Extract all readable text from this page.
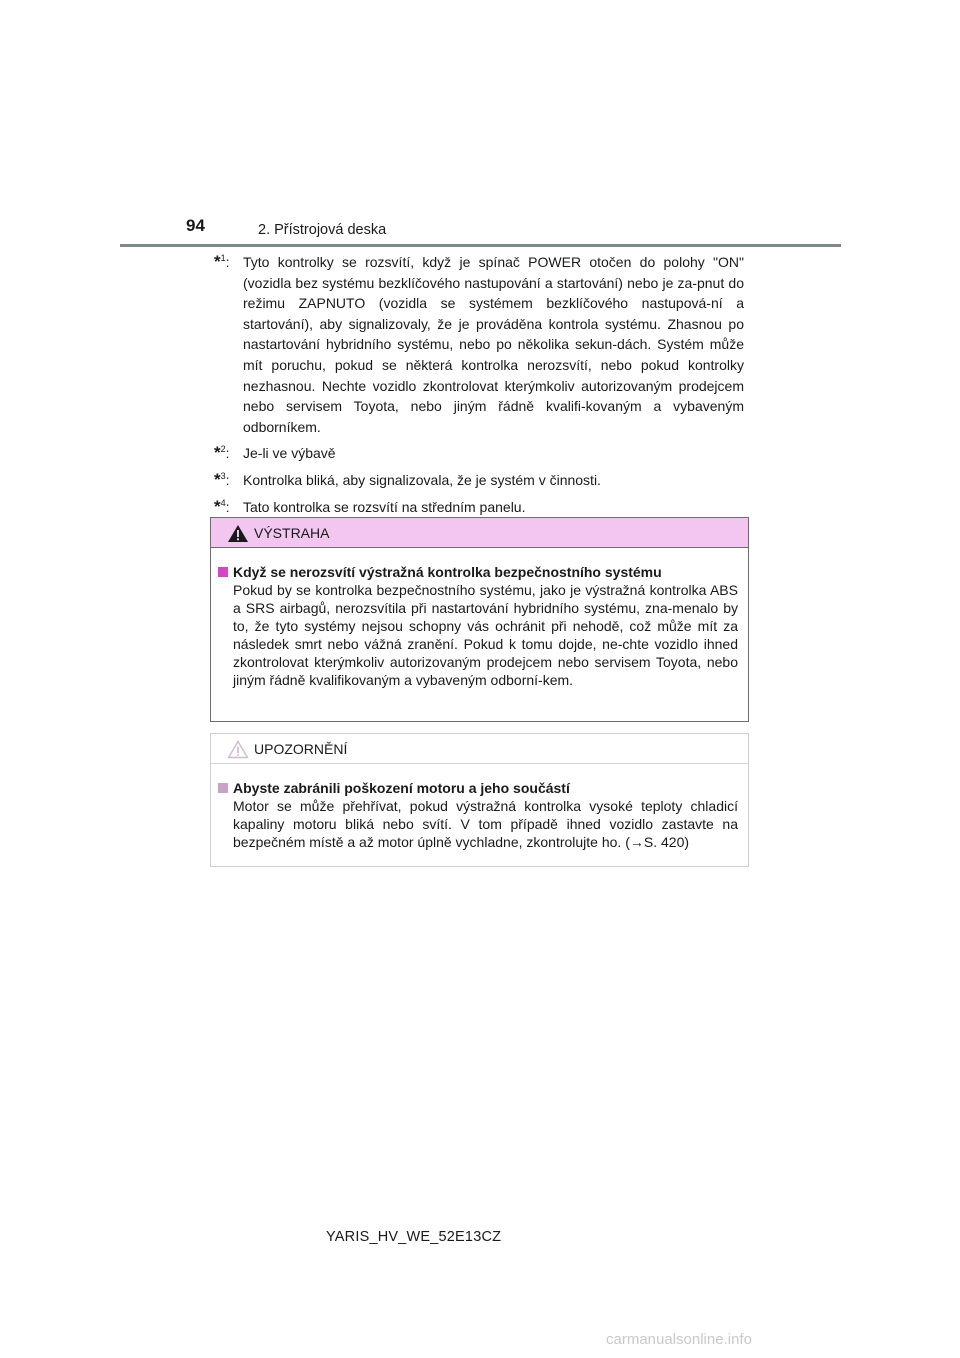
94	2. Přístrojová deska
*$^1$: Tyto kontrolky se rozsvítí, když je spínač POWER otočen do polohy "ON" (vozidla bez systému bezklíčového nastupování a startování) nebo je za-pnut do režimu ZAPNUTO (vozidla se systémem bezklíčového nastupová-ní a startování), aby signalizovaly, že je prováděna kontrola systému. Zhasnou po nastartování hybridního systému, nebo po několika sekun-dách. Systém může mít poruchu, pokud se některá kontrolka nerozsvítí, nebo pokud kontrolky nezhasnou. Nechte vozidlo zkontrolovat kterýmkoliv autorizovaným prodejcem nebo servisem Toyota, nebo jiným řádně kvalifi-kovaným a vybaveným odborníkem.
*$^2$: Je-li ve výbavě
*$^3$: Kontrolka bliká, aby signalizovala, že je systém v činnosti.
*$^4$: Tato kontrolka se rozsvítí na středním panelu.
VÝSTRAHA
Když se nerozsvítí výstražná kontrolka bezpečnostního systému
Pokud by se kontrolka bezpečnostního systému, jako je výstražná kontrolka ABS a SRS airbagů, nerozsvítila při nastartování hybridního systému, zna-menalo by to, že tyto systémy nejsou schopny vás ochránit při nehodě, což může mít za následek smrt nebo vážná zranění. Pokud k tomu dojde, ne-chte vozidlo ihned zkontrolovat kterýmkoliv autorizovaným prodejcem nebo servisem Toyota, nebo jiným řádně kvalifikovaným a vybaveným odborní-kem.
UPOZORNĚNÍ
Abyste zabránili poškození motoru a jeho součástí
Motor se může přehřívat, pokud výstražná kontrolka vysoké teploty chladicí kapaliny motoru bliká nebo svítí. V tom případě ihned vozidlo zastavte na bezpečném místě a až motor úplně vychladne, zkontrolujte ho. (→S. 420)
YARIS_HV_WE_52E13CZ
carmanualsonline.info
